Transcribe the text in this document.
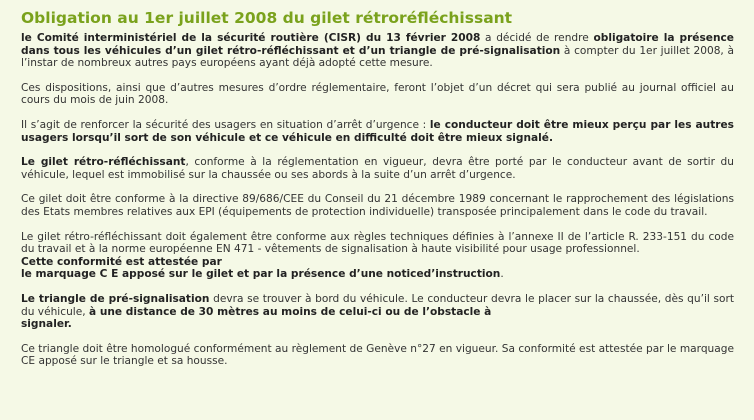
Obligation au 1er juillet 2008 du gilet rétroréfléchissant

le Comité interministériel de la sécurité routière (CISR) du 13 février 2008 a décidé de rendre obligatoire la présence dans tous les véhicules d’un gilet rétro-réfléchissant et d’un triangle de pré-signalisation à compter du 1er juillet 2008, à l’instar de nombreux autres pays européens ayant déjà adopté cette mesure.

Ces dispositions, ainsi que d’autres mesures d’ordre réglementaire, feront l’objet d’un décret qui sera publié au journal officiel au cours du mois de juin 2008.

Il s’agit de renforcer la sécurité des usagers en situation d’arrêt d’urgence : le conducteur doit être mieux perçu par les autres usagers lorsqu’il sort de son véhicule et ce véhicule en difficulté doit être mieux signalé.

Le gilet rétro-réfléchissant, conforme à la réglementation en vigueur, devra être porté par le conducteur avant de sortir du véhicule, lequel est immobilisé sur la chaussée ou ses abords à la suite d’un arrêt d’urgence.

Ce gilet doit être conforme à la directive 89/686/CEE du Conseil du 21 décembre 1989 concernant le rapprochement des législations des Etats membres relatives aux EPI (équipements de protection individuelle) transposée principalement dans le code du travail.

Le gilet rétro-réfléchissant doit également être conforme aux règles techniques définies à l’annexe II de l’article R. 233-151 du code du travail et à la norme européenne EN 471 - vêtements de signalisation à haute visibilité pour usage professionnel.
Cette conformité est attestée par
le marquage C E apposé sur le gilet et par la présence d’une noticed’instruction.

Le triangle de pré-signalisation devra se trouver à bord du véhicule. Le conducteur devra le placer sur la chaussée, dès qu’il sort du véhicule, à une distance de 30 mètres au moins de celui-ci ou de l’obstacle à
signaler.

Ce triangle doit être homologué conformément au règlement de Genève n°27 en vigueur. Sa conformité est attestée par le marquage CE apposé sur le triangle et sa housse.
